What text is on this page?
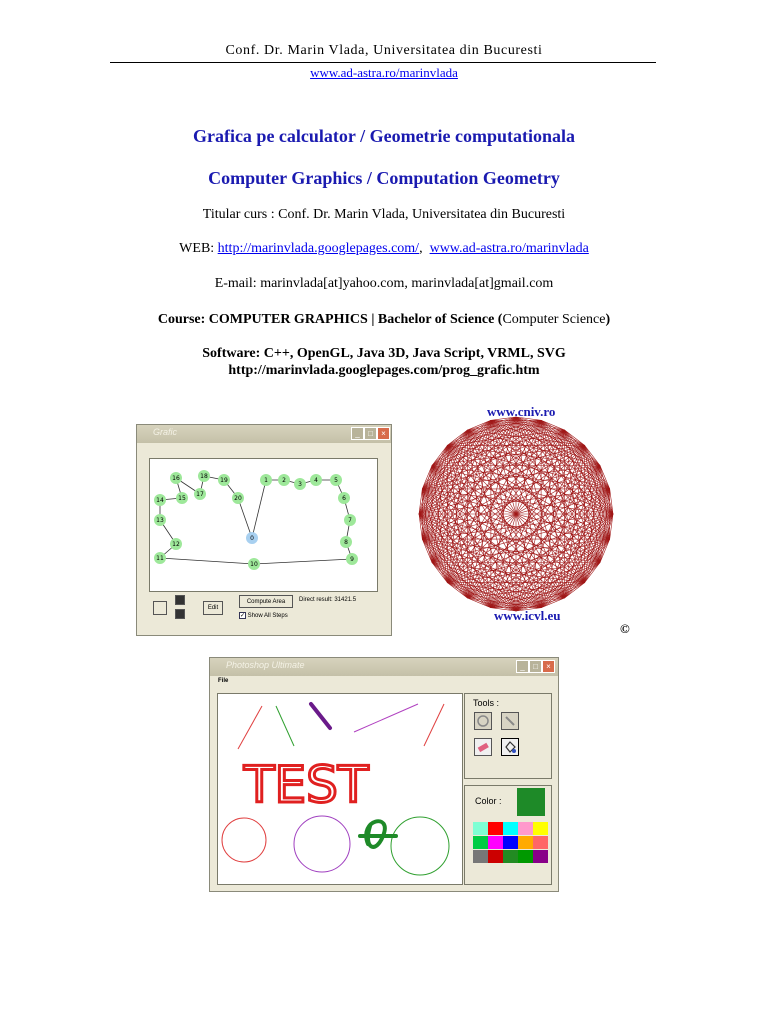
Conf. Dr. Marin Vlada, Universitatea din Bucuresti
www.ad-astra.ro/marinvlada
Grafica pe calculator / Geometrie computationala
Computer Graphics / Computation Geometry
Titular curs : Conf. Dr. Marin Vlada, Universitatea din Bucuresti
WEB: http://marinvlada.googlepages.com/,  www.ad-astra.ro/marinvlada
E-mail: marinvlada[at]yahoo.com, marinvlada[at]gmail.com
Course: COMPUTER GRAPHICS | Bachelor of Science (Computer Science)
Software: C++, OpenGL, Java 3D, Java Script, VRML, SVG
http://marinvlada.googlepages.com/prog_grafic.htm
Grafic	_	□	×
1 2
3
4	5
6
7
8
9
10
11
12
13
14 15
16
17
18
19
20
0
Edit
Compute Area	Direct result: 31421.5
✓ Show All Steps
www.cniv.ro
www.icvl.eu
©
Photoshop Ultimate	_	□	×
File
TEST
Tools :
Color :
